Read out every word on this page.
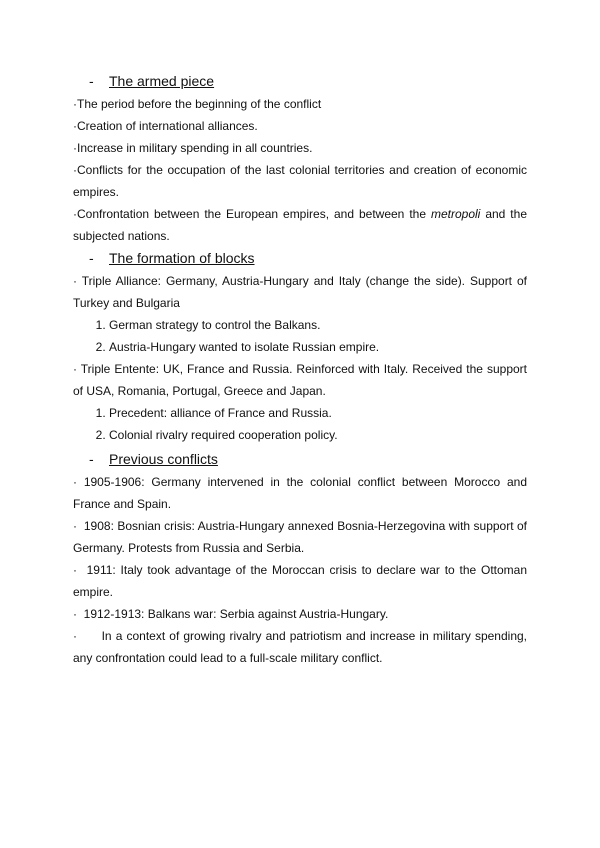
- The armed piece

·The period before the beginning of the conflict

·Creation of international alliances.

·Increase in military spending in all countries.

·Conflicts for the occupation of the last colonial territories and creation of economic empires.

·Confrontation between the European empires, and between the metropoli and the subjected nations.

- The formation of blocks

· Triple Alliance: Germany, Austria-Hungary and Italy (change the side). Support of Turkey and Bulgaria

1. German strategy to control the Balkans.
2. Austria-Hungary wanted to isolate Russian empire.

· Triple Entente: UK, France and Russia. Reinforced with Italy. Received the support of USA, Romania, Portugal, Greece and Japan.

1. Precedent: alliance of France and Russia.
2. Colonial rivalry required cooperation policy.
- Previous conflicts

· 1905-1906: Germany intervened in the colonial conflict between Morocco and France and Spain.

·  1908: Bosnian crisis: Austria-Hungary annexed Bosnia-Herzegovina with support of Germany. Protests from Russia and Serbia.

·  1911: Italy took advantage of the Moroccan crisis to declare war to the Ottoman empire.

·  1912-1913: Balkans war: Serbia against Austria-Hungary.

·      In a context of growing rivalry and patriotism and increase in military spending, any confrontation could lead to a full-scale military conflict.
